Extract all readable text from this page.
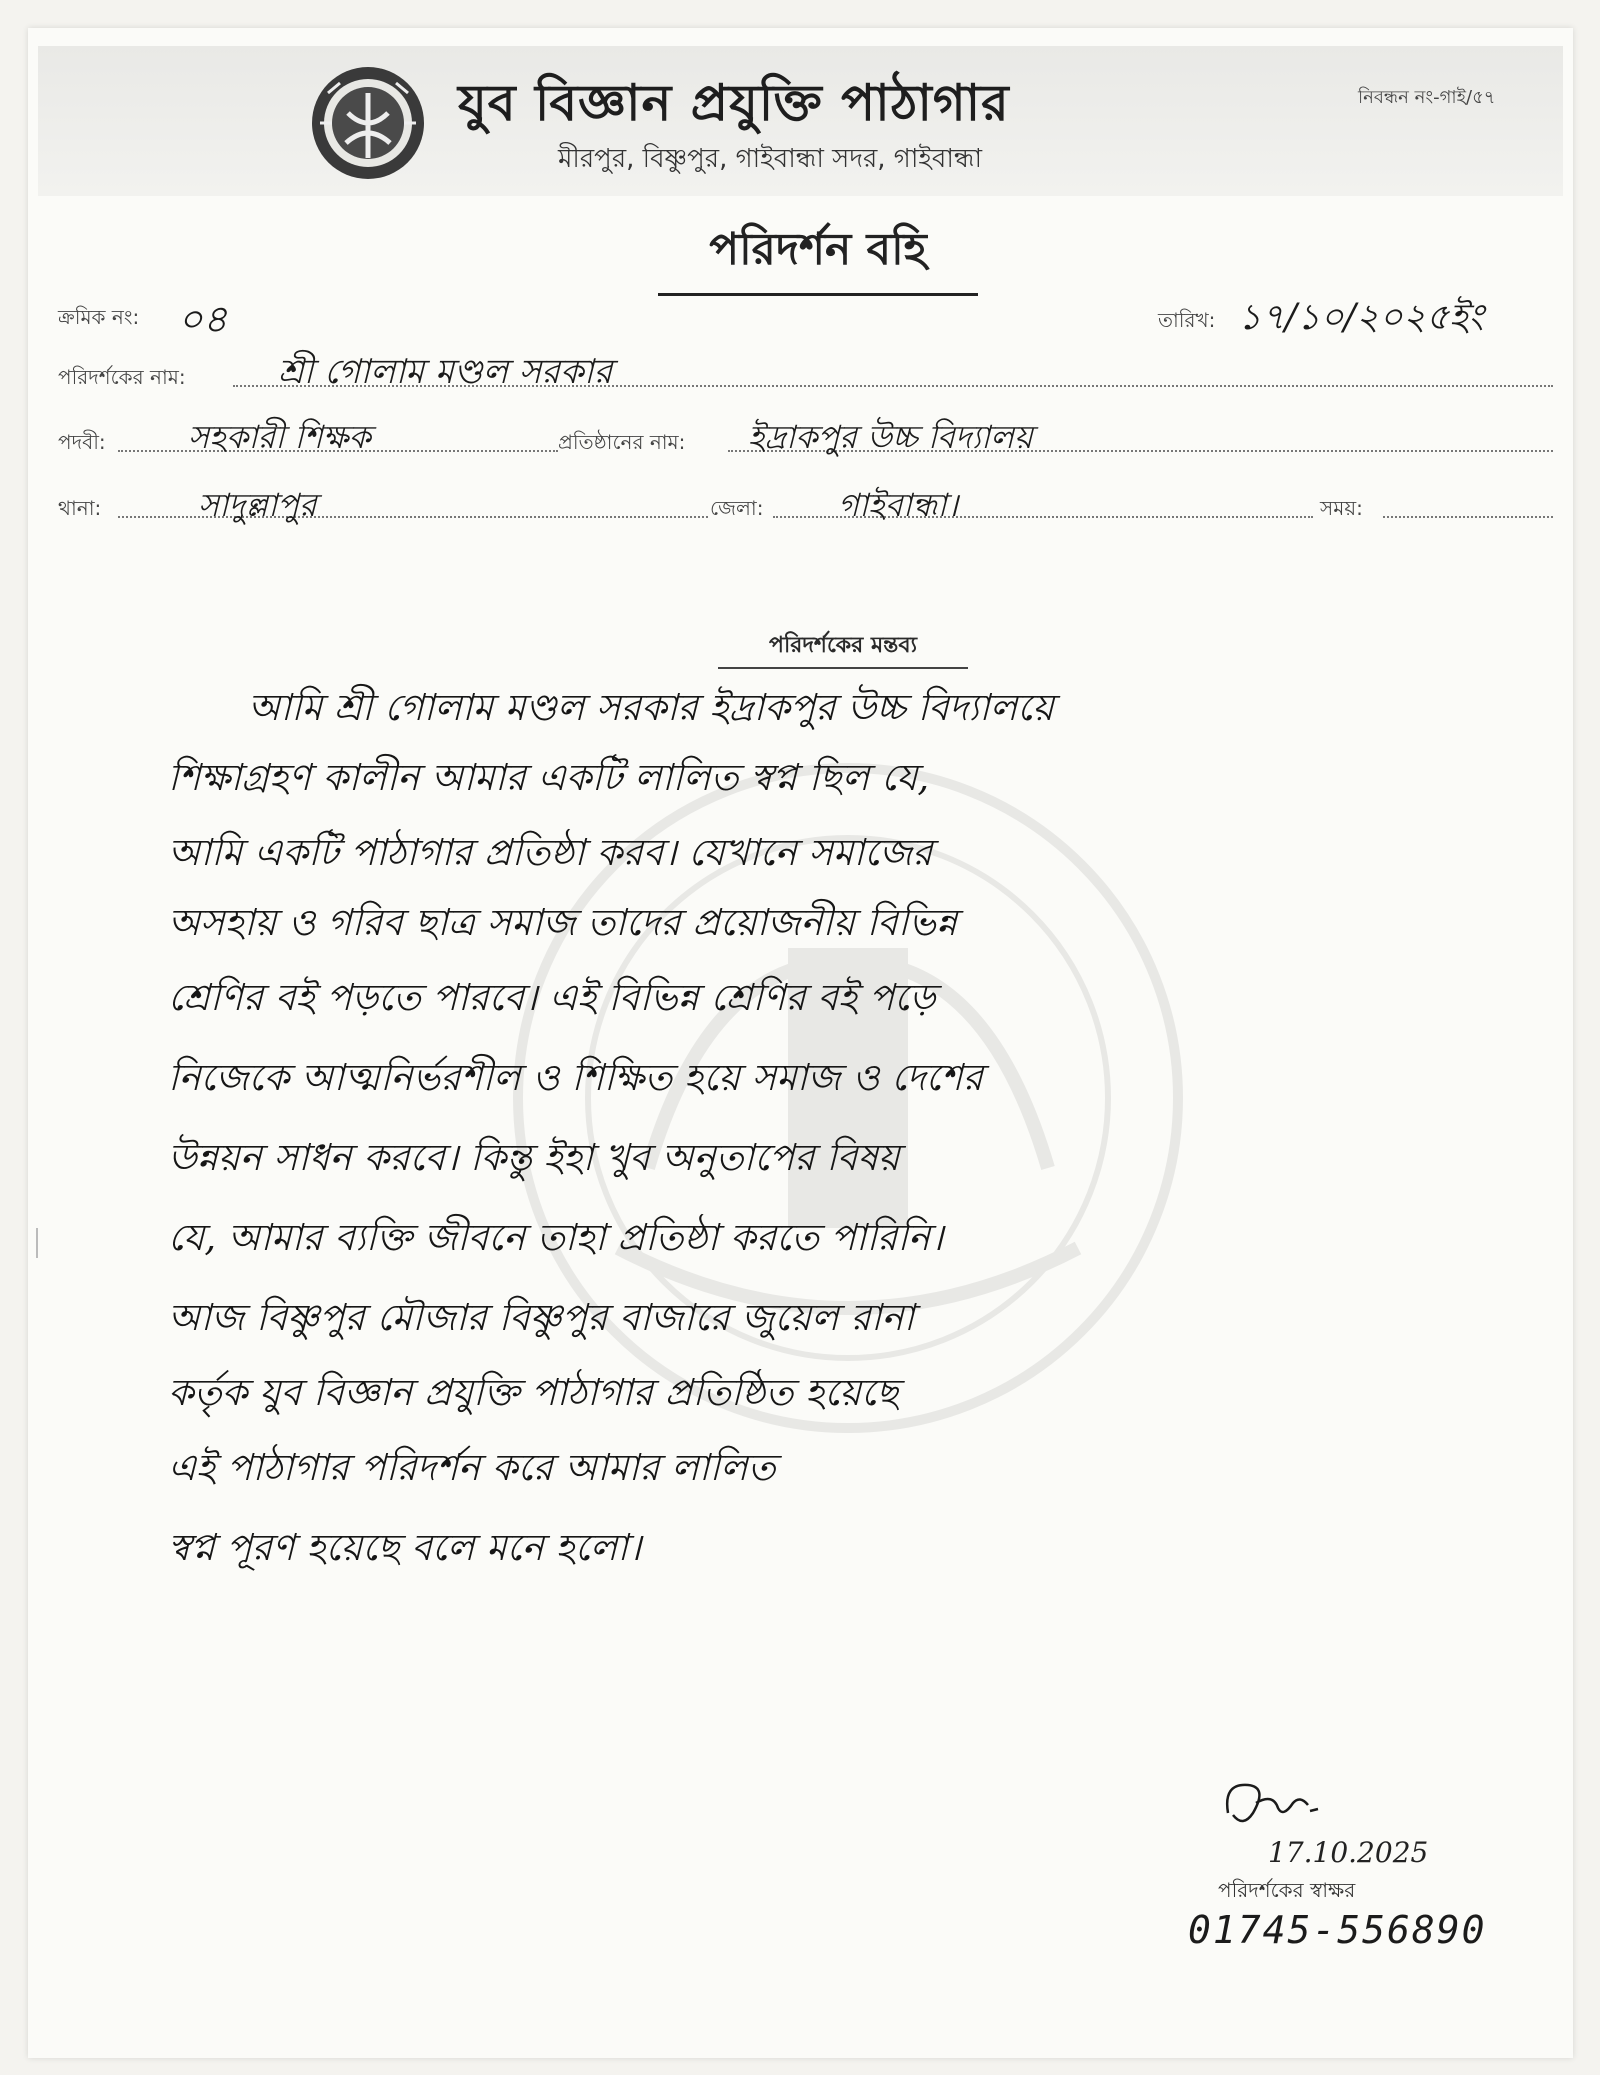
যুব বিজ্ঞান প্রযুক্তি পাঠাগার
মীরপুর, বিষ্ণুপুর, গাইবান্ধা সদর, গাইবান্ধা
নিবন্ধন নং-গাই/৫৭
পরিদর্শন বহি
ক্রমিক নং: ০৪	তারিখ: ১৭/১০/২০২৫ইং
পরিদর্শকের নাম:	শ্রী গোলাম মণ্ডল সরকার
পদবী:	সহকারী শিক্ষক	প্রতিষ্ঠানের নাম: ইদ্রাকপুর উচ্চ বিদ্যালয়
থানা:	সাদুল্লাপুর	জেলা: গাইবান্ধা।	সময়:
পরিদর্শকের মন্তব্য
আমি শ্রী গোলাম মণ্ডল সরকার ইদ্রাকপুর উচ্চ বিদ্যালয়ে
শিক্ষাগ্রহণ কালীন আমার একটি লালিত স্বপ্ন ছিল যে,
আমি একটি পাঠাগার প্রতিষ্ঠা করব। যেখানে সমাজের
অসহায় ও গরিব ছাত্র সমাজ তাদের প্রয়োজনীয় বিভিন্ন
শ্রেণির বই পড়তে পারবে। এই বিভিন্ন শ্রেণির বই পড়ে
নিজেকে আত্মনির্ভরশীল ও শিক্ষিত হয়ে সমাজ ও দেশের
উন্নয়ন সাধন করবে। কিন্তু ইহা খুব অনুতাপের বিষয়
যে, আমার ব্যক্তি জীবনে তাহা প্রতিষ্ঠা করতে পারিনি।
আজ বিষ্ণুপুর মৌজার বিষ্ণুপুর বাজারে জুয়েল রানা
কর্তৃক যুব বিজ্ঞান প্রযুক্তি পাঠাগার প্রতিষ্ঠিত হয়েছে
এই পাঠাগার পরিদর্শন করে আমার লালিত
স্বপ্ন পূরণ হয়েছে বলে মনে হলো।
17.10.2025
পরিদর্শকের স্বাক্ষর
01745-556890
